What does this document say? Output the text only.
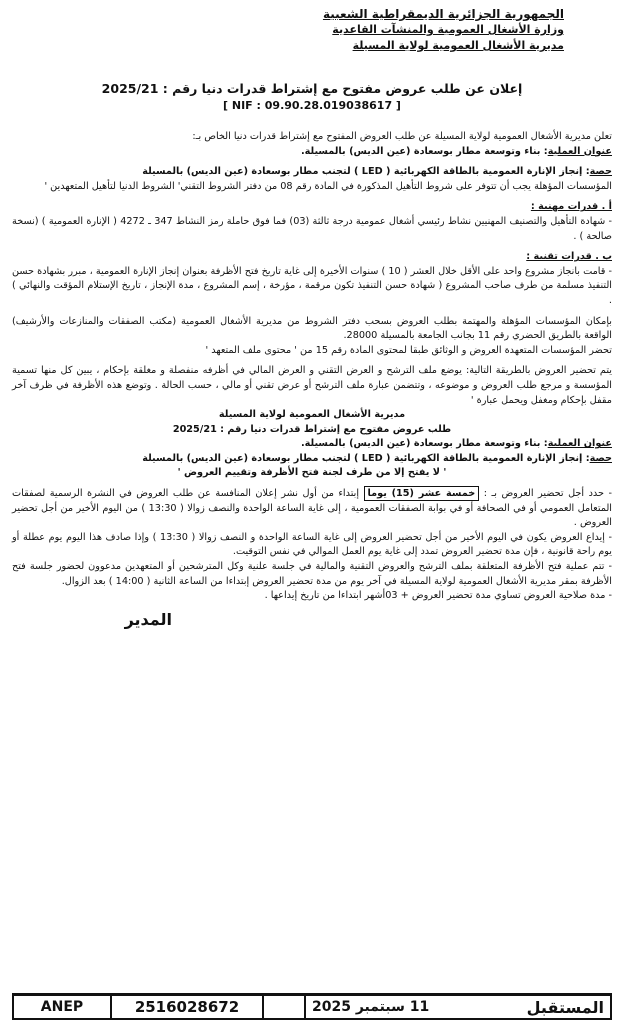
الجمهورية الجزائرية الديمقراطية الشعبية
وزارة الأشغال العمومية والمنشآت القاعدية
مديرية الأشغال العمومية لولاية المسيلة
إعلان عن طلب عروض مفتوح مع إشتراط قدرات دنيا رقم : 2025/21
[ NIF : 09.90.28.019038617 ]

تعلن مديرية الأشغال العمومية لولاية المسيلة عن طلب العروض المفتوح مع إشتراط قدرات دنيا الخاص بـ:

عنوان العملية: بناء وتوسعة مطار بوسعادة (عين الديس) بالمسيلة.

حصة: إنجاز الإنارة العمومية بالطاقة الكهربائية ( LED ) لتجنب مطار بوسعادة (عين الديس) بالمسيلة

المؤسسات المؤهلة يجب أن تتوفر على شروط التأهيل المذكورة في المادة رقم 08 من دفتر الشروط التقني' الشروط الدنيا لتأهيل المتعهدين '

أ . قدرات مهنية :

- شهادة التأهيل والتصنيف المهنيين نشاط رئيسي أشغال عمومية درجة ثالثة (03) فما فوق حاملة رمز النشاط 347 ـ 4272 ( الإنارة العمومية ) (نسخة صالحة ) .

ب . قدرات تقنية :

- قامت بانجاز مشروع واحد على الأقل خلال العشر ( 10 ) سنوات الأخيرة إلى غاية تاريخ فتح الأظرفة بعنوان إنجاز الإنارة العمومية ، مبرر بشهادة حسن التنفيذ مسلمة من طرف صاحب المشروع ( شهادة حسن التنفيذ تكون مرقمة ، مؤرخة ، إسم المشروع ، مدة الإنجاز ، تاريخ الإستلام المؤقت والنهائي ) .

بإمكان المؤسسات المؤهلة والمهتمة بطلب العروض بسحب دفتر الشروط من مديرية الأشغال العمومية (مكتب الصفقات والمنازعات والأرشيف) الواقعة بالطريق الحضري رقم 11 بجانب الجامعة بالمسيلة 28000.

تحضر المؤسسات المتعهدة العروض و الوثائق طبقا لمحتوى المادة رقم 15 من ' محتوى ملف المتعهد '

يتم تحضير العروض بالطريقة التالية: يوضع ملف الترشح و العرض التقني و العرض المالي في أظرفه منفصلة و مغلقة بإحكام ، يبين كل منها تسمية المؤسسة و مرجع طلب العروض و موضوعه ، وتتضمن عبارة ملف الترشح أو عرض تقني أو مالي ، حسب الحالة . وتوضع هذه الأظرفة في ظرف آخر مقفل بإحكام ومغفل ويحمل عبارة '

مديرية الأشغال العمومية لولاية المسيلة
طلب عروض مفتوح مع إشتراط قدرات دنيا رقم : 2025/21

عنوان العملية: بناء وتوسعة مطار بوسعادة (عين الديس) بالمسيلة.

حصة: إنجاز الإنارة العمومية بالطاقة الكهربائية ( LED ) لتجنب مطار بوسعادة (عين الديس) بالمسيلة

' لا يفتح إلا من طرف لجنة فتح الأظرفة وتقييم العروض '

- حدد أجل تحضير العروض بـ : خمسة عشر (15) يوما إبتداء من أول نشر إعلان المنافسة عن طلب العروض في النشرة الرسمية لصفقات المتعامل العمومي أو في الصحافة أو في بوابة الصفقات العمومية ، إلى غاية الساعة الواحدة والنصف زوالا ( 13:30 ) من اليوم الأخير من أجل تحضير العروض .

- إيداع العروض يكون في اليوم الأخير من أجل تحضير العروض إلى غاية الساعة الواحدة و النصف زوالا ( 13:30 ) وإذا صادف هذا اليوم يوم عطلة أو يوم راحة قانونية ، فإن مدة تحضير العروض تمدد إلى غاية يوم العمل الموالي في نفس التوقيت.

- تتم عملية فتح الأظرفة المتعلقة بملف الترشح والعروض التقنية والمالية في جلسة علنية وكل المترشحين أو المتعهدين مدعوون لحضور جلسة فتح الأظرفة بمقر مديرية الأشغال العمومية لولاية المسيلة في آخر يوم من مدة تحضير العروض إبتداءا من الساعة الثانية ( 14:00 ) بعد الزوال.

- مدة صلاحية العروض تساوي مدة تحضير العروض + 03أشهر ابتداءا من تاريخ إيداعها .

المدير
ANEP	2516028672	11 سبتمبر 2025	المستقبل
